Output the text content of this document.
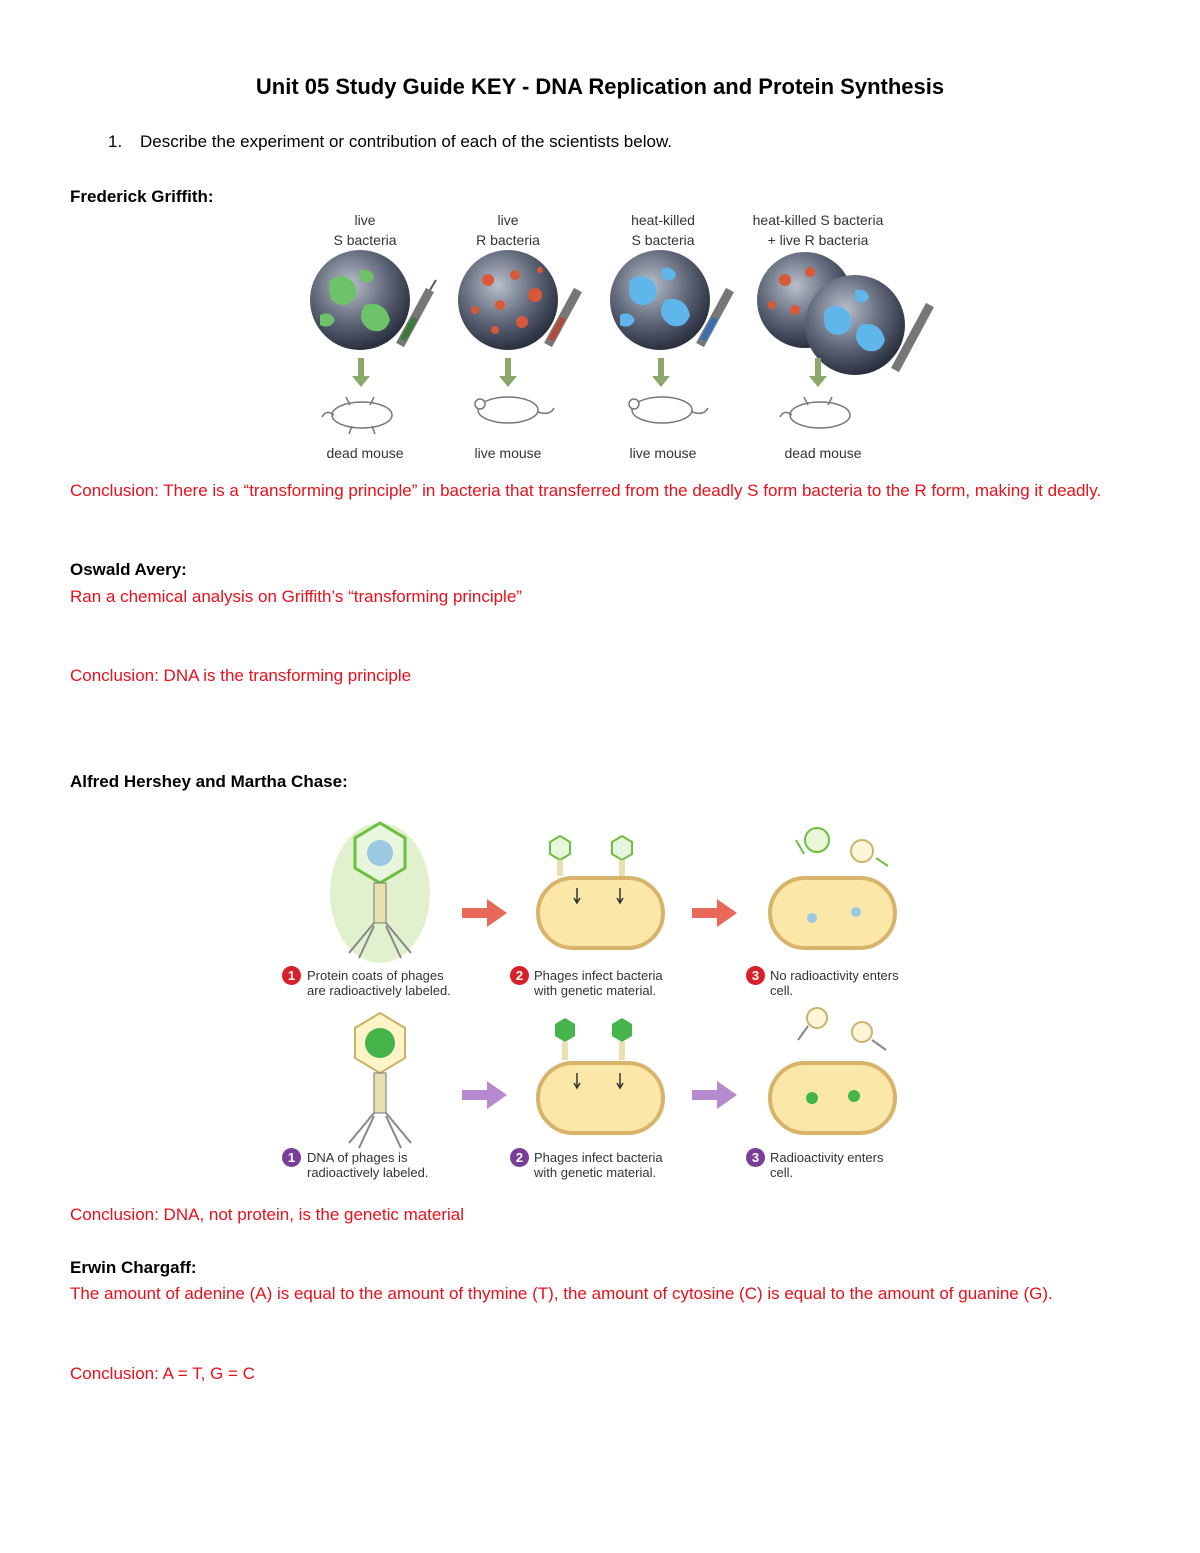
Unit 05 Study Guide KEY - DNA Replication and Protein Synthesis
1. Describe the experiment or contribution of each of the scientists below.
Frederick Griffith:
live
S bacteria
live
R bacteria
heat-killed
S bacteria
heat-killed S bacteria
+ live R bacteria
dead mouse	live mouse	live mouse	dead mouse
Conclusion: There is a “transforming principle” in bacteria that transferred from the deadly S form bacteria to the R form, making it deadly.
Oswald Avery:
Ran a chemical analysis on Griffith’s “transforming principle”
Conclusion: DNA is the transforming principle
Alfred Hershey and Martha Chase:
1 Protein coats of phages
are radioactively labeled.
2 Phages infect bacteria
with genetic material.
3 No radioactivity enters
cell.
1 DNA of phages is
radioactively labeled.
2 Phages infect bacteria
with genetic material.
3 Radioactivity enters
cell.
Conclusion: DNA, not protein, is the genetic material
Erwin Chargaff:
The amount of adenine (A) is equal to the amount of thymine (T), the amount of cytosine (C) is equal to the amount of guanine (G).
Conclusion: A = T, G = C
